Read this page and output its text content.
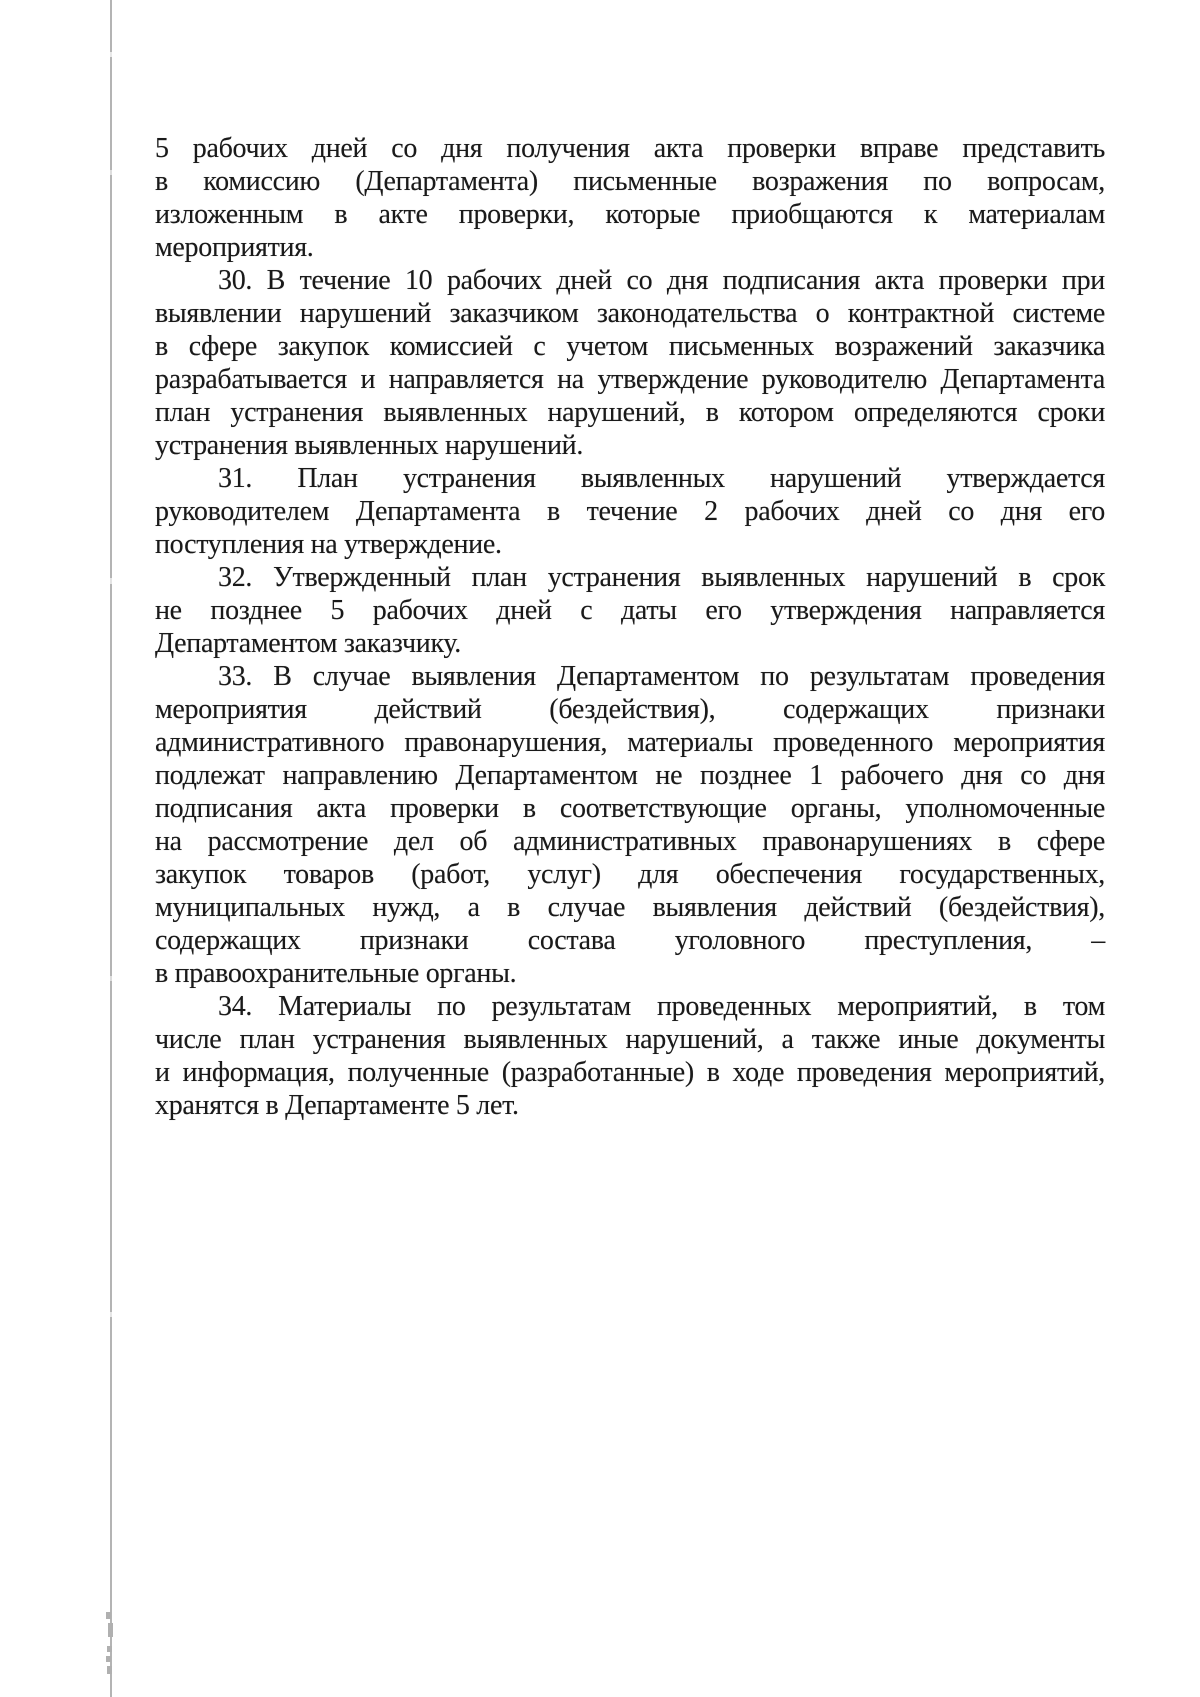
5 рабочих дней со дня получения акта проверки вправе представить
в комиссию (Департамента) письменные возражения по вопросам,
изложенным в акте проверки, которые приобщаются к материалам
мероприятия.

30. В течение 10 рабочих дней со дня подписания акта проверки при
выявлении нарушений заказчиком законодательства о контрактной системе
в сфере закупок комиссией с учетом письменных возражений заказчика
разрабатывается и направляется на утверждение руководителю Департамента
план устранения выявленных нарушений, в котором определяются сроки
устранения выявленных нарушений.

31. План устранения выявленных нарушений утверждается
руководителем Департамента в течение 2 рабочих дней со дня его
поступления на утверждение.

32. Утвержденный план устранения выявленных нарушений в срок
не позднее 5 рабочих дней с даты его утверждения направляется
Департаментом заказчику.

33. В случае выявления Департаментом по результатам проведения
мероприятия действий (бездействия), содержащих признаки
административного правонарушения, материалы проведенного мероприятия
подлежат направлению Департаментом не позднее 1 рабочего дня со дня
подписания акта проверки в соответствующие органы, уполномоченные
на рассмотрение дел об административных правонарушениях в сфере
закупок товаров (работ, услуг) для обеспечения государственных,
муниципальных нужд, а в случае выявления действий (бездействия),
содержащих признаки состава уголовного преступления, –
в правоохранительные органы.

34. Материалы по результатам проведенных мероприятий, в том
числе план устранения выявленных нарушений, а также иные документы
и информация, полученные (разработанные) в ходе проведения мероприятий,
хранятся в Департаменте 5 лет.
